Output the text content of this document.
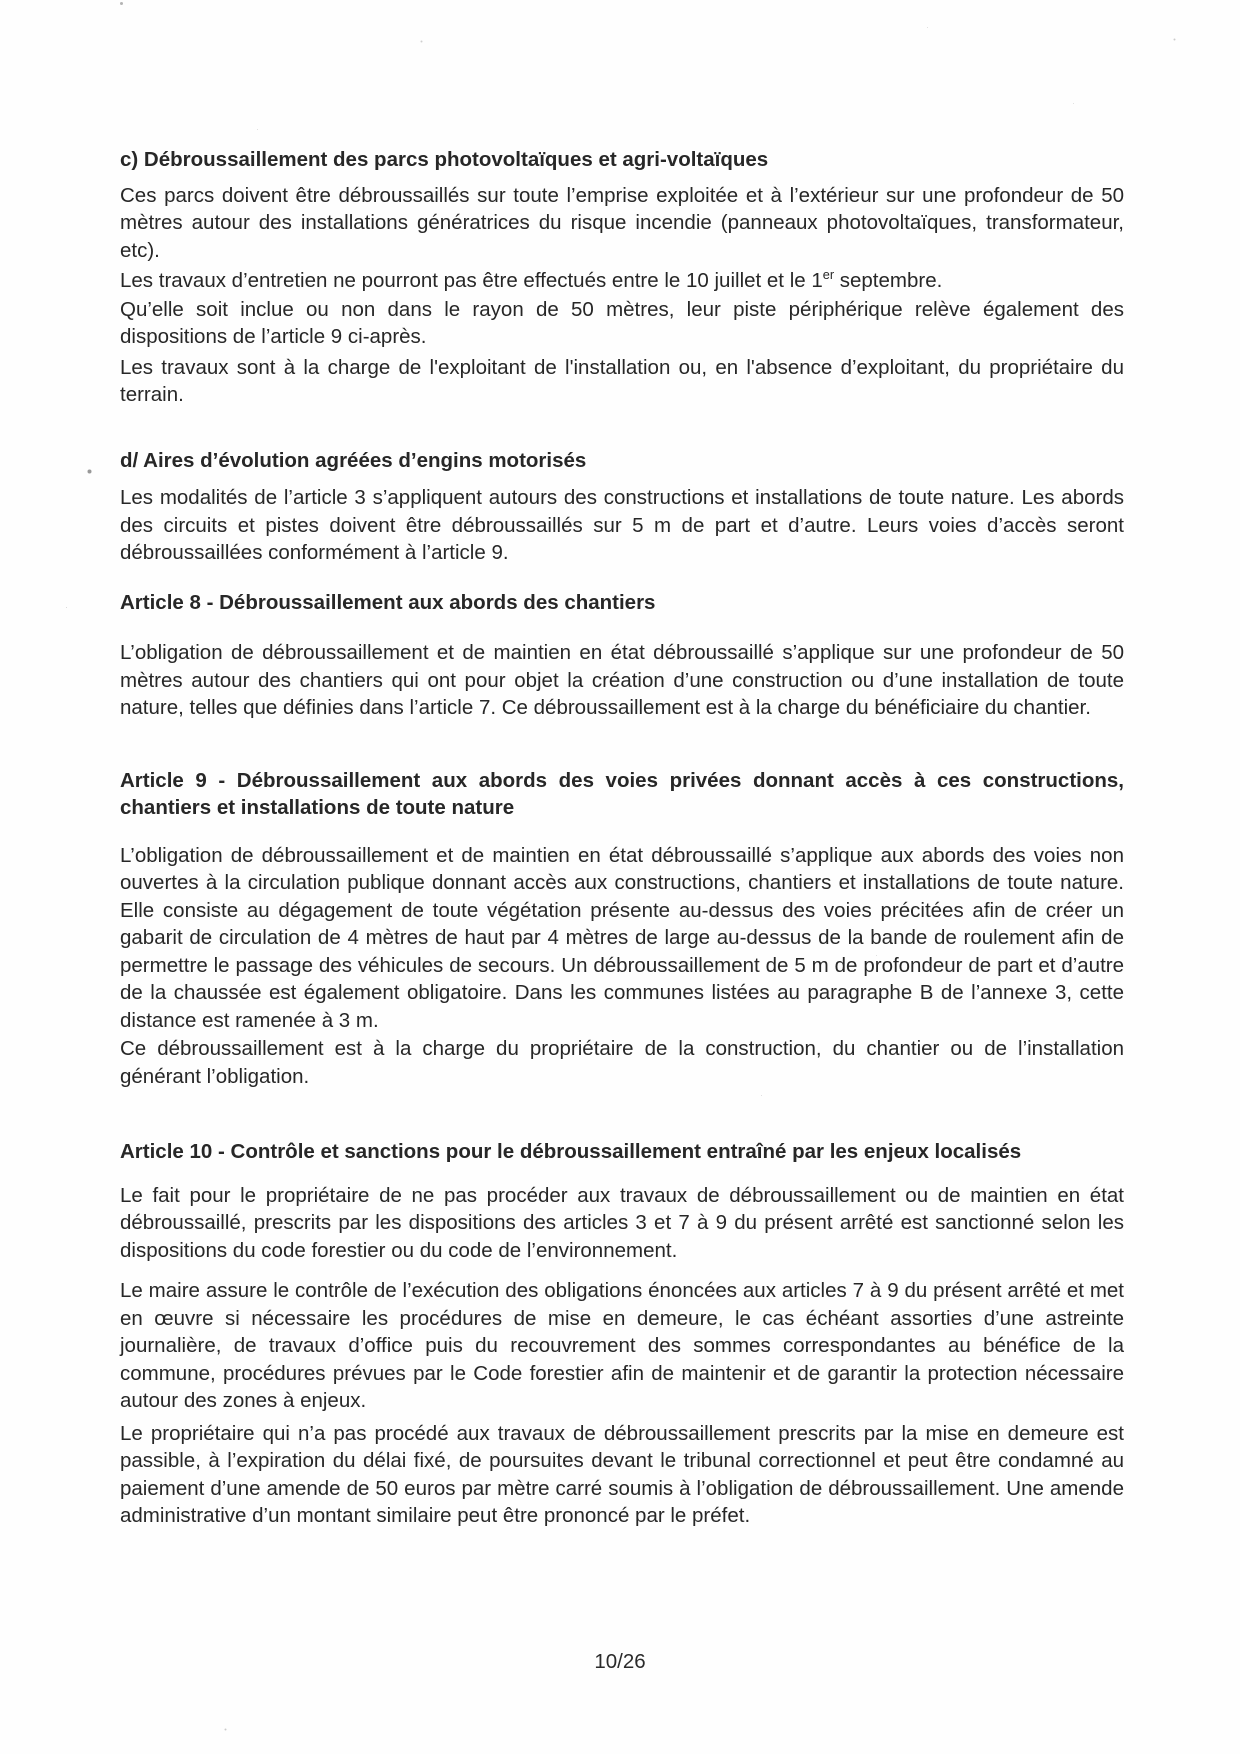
c) Débroussaillement des parcs photovoltaïques et agri-voltaïques

Ces parcs doivent être débroussaillés sur toute l’emprise exploitée et à l’extérieur sur une profondeur de 50 mètres autour des installations génératrices du risque incendie (panneaux photovoltaïques, transformateur, etc).

Les travaux d’entretien ne pourront pas être effectués entre le 10 juillet et le 1er septembre.

Qu’elle soit inclue ou non dans le rayon de 50 mètres, leur piste périphérique relève également des dispositions de l’article 9 ci-après.

Les travaux sont à la charge de l'exploitant de l'installation ou, en l'absence d’exploitant, du propriétaire du terrain.

d/ Aires d’évolution agréées d’engins motorisés

Les modalités de l’article 3 s’appliquent autours des constructions et installations de toute nature. Les abords des circuits et pistes doivent être débroussaillés sur 5 m de part et d’autre. Leurs voies d’accès seront débroussaillées conformément à l’article 9.

Article 8 - Débroussaillement aux abords des chantiers

L’obligation de débroussaillement et de maintien en état débroussaillé s’applique sur une profondeur de 50 mètres autour des chantiers qui ont pour objet la création d’une construction ou d’une installation de toute nature, telles que définies dans l’article 7. Ce débroussaillement est à la charge du bénéficiaire du chantier.

Article 9 - Débroussaillement aux abords des voies privées donnant accès à ces constructions, chantiers et installations de toute nature

L’obligation de débroussaillement et de maintien en état débroussaillé s’applique aux abords des voies non ouvertes à la circulation publique donnant accès aux constructions, chantiers et installations de toute nature. Elle consiste au dégagement de toute végétation présente au-dessus des voies précitées afin de créer un gabarit de circulation de 4 mètres de haut par 4 mètres de large au-dessus de la bande de roulement afin de permettre le passage des véhicules de secours. Un débroussaillement de 5 m de profondeur de part et d’autre de la chaussée est également obligatoire. Dans les communes listées au paragraphe B de l’annexe 3, cette distance est ramenée à 3 m.

Ce débroussaillement est à la charge du propriétaire de la construction, du chantier ou de l’installation générant l’obligation.

Article 10 - Contrôle et sanctions pour le débroussaillement entraîné par les enjeux localisés

Le fait pour le propriétaire de ne pas procéder aux travaux de débroussaillement ou de maintien en état débroussaillé, prescrits par les dispositions des articles 3 et 7 à 9 du présent arrêté est sanctionné selon les dispositions du code forestier ou du code de l’environnement.

Le maire assure le contrôle de l’exécution des obligations énoncées aux articles 7 à 9 du présent arrêté et met en œuvre si nécessaire les procédures de mise en demeure, le cas échéant assorties d’une astreinte journalière, de travaux d’office puis du recouvrement des sommes correspondantes au bénéfice de la commune, procédures prévues par le Code forestier afin de maintenir et de garantir la protection nécessaire autour des zones à enjeux.

Le propriétaire qui n’a pas procédé aux travaux de débroussaillement prescrits par la mise en demeure est passible, à l’expiration du délai fixé, de poursuites devant le tribunal correctionnel et peut être condamné au paiement d’une amende de 50 euros par mètre carré soumis à l’obligation de débroussaillement. Une amende administrative d’un montant similaire peut être prononcé par le préfet.

10/26
